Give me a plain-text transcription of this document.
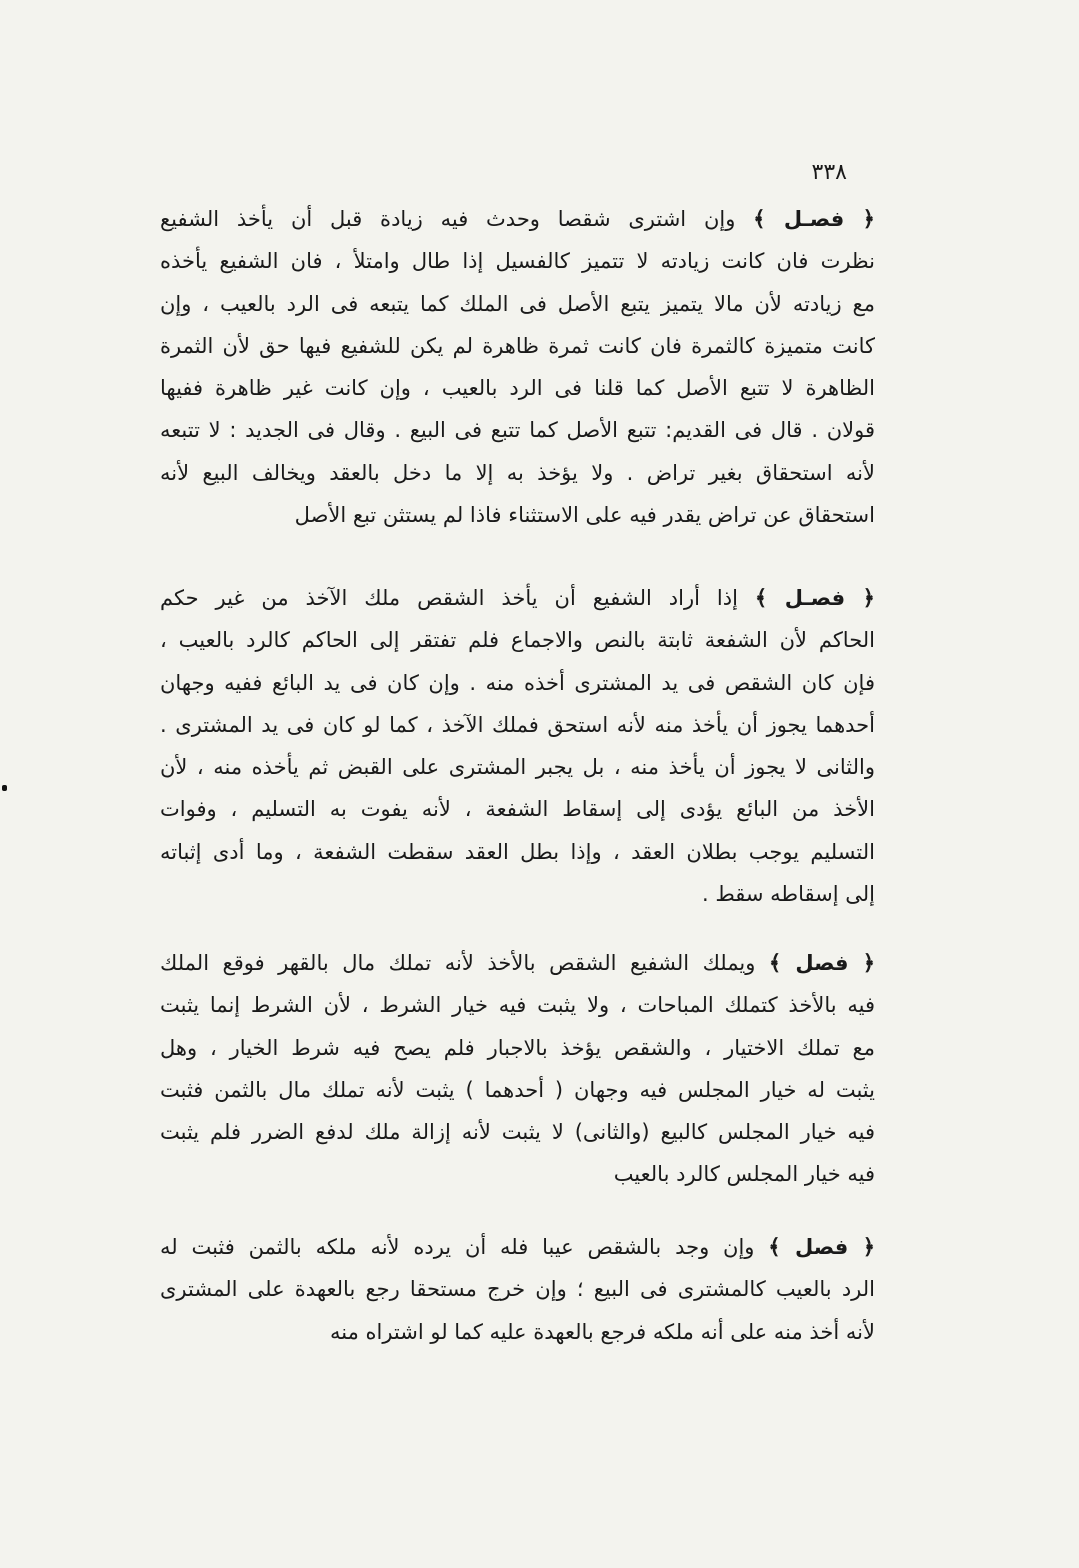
٣٣٨

﴿ فصـل ﴾ وإن اشترى شقصا وحدث فيه زيادة قبل أن يأخذ الشفيع
نظرت فان كانت زيادته لا تتميز كالفسيل إذا طال وامتلأ ، فان الشفيع يأخذه
مع زيادته لأن مالا يتميز يتبع الأصل فى الملك كما يتبعه فى الرد بالعيب ، وإن
كانت متميزة كالثمرة فان كانت ثمرة ظاهرة لم يكن للشفيع فيها حق لأن الثمرة
الظاهرة لا تتبع الأصل كما قلنا فى الرد بالعيب ، وإن كانت غير ظاهرة ففيها
قولان . قال فى القديم: تتبع الأصل كما تتبع فى البيع . وقال فى الجديد : لا تتبعه
لأنه استحقاق بغير تراض . ولا يؤخذ به إلا ما دخل بالعقد ويخالف البيع لأنه
استحقاق عن تراض يقدر فيه على الاستثناء فاذا لم يستثن تبع الأصل

﴿ فصـل ﴾ إذا أراد الشفيع أن يأخذ الشقص ملك الآخذ من غير حكم
الحاكم لأن الشفعة ثابتة بالنص والاجماع فلم تفتقر إلى الحاكم كالرد بالعيب ،
فإن كان الشقص فى يد المشترى أخذه منه . وإن كان فى يد البائع ففيه وجهان
أحدهما يجوز أن يأخذ منه لأنه استحق فملك الآخذ ، كما لو كان فى يد المشترى .
والثانى لا يجوز أن يأخذ منه ، بل يجبر المشترى على القبض ثم يأخذه منه ، لأن
الأخذ من البائع يؤدى إلى إسقاط الشفعة ، لأنه يفوت به التسليم ، وفوات
التسليم يوجب بطلان العقد ، وإذا بطل العقد سقطت الشفعة ، وما أدى إثباته
إلى إسقاطه سقط .

﴿ فصل ﴾ ويملك الشفيع الشقص بالأخذ لأنه تملك مال بالقهر فوقع الملك
فيه بالأخذ كتملك المباحات ، ولا يثبت فيه خيار الشرط ، لأن الشرط إنما يثبت
مع تملك الاختيار ، والشقص يؤخذ بالاجبار فلم يصح فيه شرط الخيار ، وهل
يثبت له خيار المجلس فيه وجهان ( أحدهما ) يثبت لأنه تملك مال بالثمن فثبت
فيه خيار المجلس كالبيع (والثانى) لا يثبت لأنه إزالة ملك لدفع الضرر فلم يثبت
فيه خيار المجلس كالرد بالعيب

﴿ فصل ﴾ وإن وجد بالشقص عيبا فله أن يرده لأنه ملكه بالثمن فثبت له
الرد بالعيب كالمشترى فى البيع ؛ وإن خرج مستحقا رجع بالعهدة على المشترى
لأنه أخذ منه على أنه ملكه فرجع بالعهدة عليه كما لو اشتراه منه
